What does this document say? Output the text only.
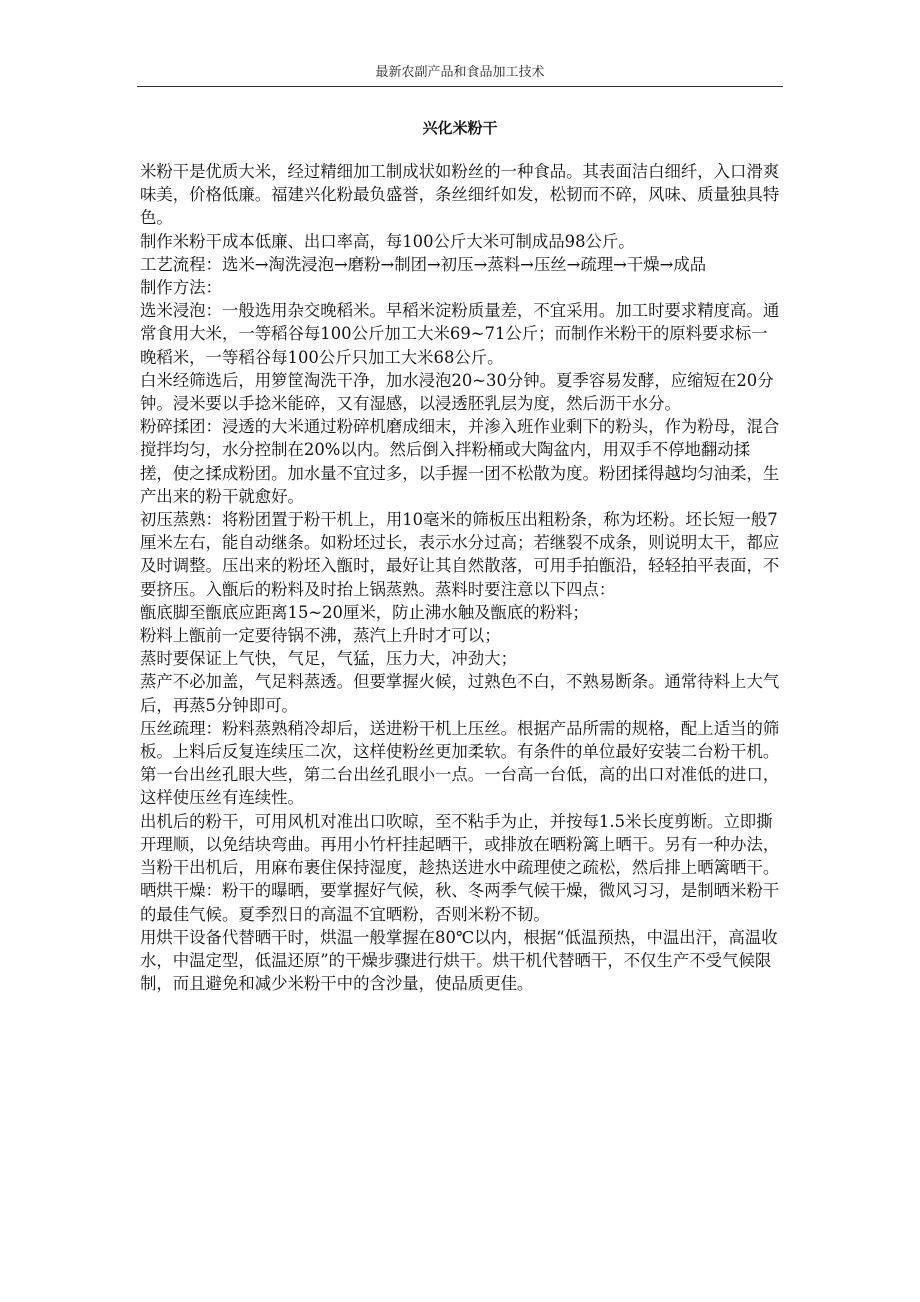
最新农副产品和食品加工技术
兴化米粉干

米粉干是优质大米，经过精细加工制成状如粉丝的一种食品。其表面洁白细纤，入口滑爽味美，价格低廉。福建兴化粉最负盛誉，条丝细纤如发，松韧而不碎，风味、质量独具特色。

制作米粉干成本低廉、出口率高，每100公斤大米可制成品98公斤。

工艺流程：选米→淘洗浸泡→磨粉→制团→初压→蒸料→压丝→疏理→干燥→成品

制作方法：

选米浸泡：一般选用杂交晚稻米。早稻米淀粉质量差，不宜采用。加工时要求精度高。通常食用大米，一等稻谷每100公斤加工大米69~71公斤；而制作米粉干的原料要求标一晚稻米，一等稻谷每100公斤只加工大米68公斤。

白米经筛选后，用箩筐淘洗干净，加水浸泡20~30分钟。夏季容易发酵，应缩短在20分钟。浸米要以手捻米能碎，又有湿感，以浸透胚乳层为度，然后沥干水分。

粉碎揉团：浸透的大米通过粉碎机磨成细末，并渗入班作业剩下的粉头，作为粉母，混合搅拌均匀，水分控制在20%以内。然后倒入拌粉桶或大陶盆内，用双手不停地翻动揉搓，使之揉成粉团。加水量不宜过多，以手握一团不松散为度。粉团揉得越均匀油柔，生产出来的粉干就愈好。

初压蒸熟：将粉团置于粉干机上，用10毫米的筛板压出粗粉条，称为坯粉。坯长短一般7厘米左右，能自动继条。如粉坯过长，表示水分过高；若继裂不成条，则说明太干，都应及时调整。压出来的粉坯入甑时，最好让其自然散落，可用手拍甑沿，轻轻拍平表面，不要挤压。入甑后的粉料及时抬上锅蒸熟。蒸料时要注意以下四点：

甑底脚至甑底应距离15~20厘米，防止沸水触及甑底的粉料；

粉料上甑前一定要待锅不沸，蒸汽上升时才可以；

蒸时要保证上气快，气足，气猛，压力大，冲劲大；

蒸产不必加盖，气足料蒸透。但要掌握火候，过熟色不白，不熟易断条。通常待料上大气后，再蒸5分钟即可。

压丝疏理：粉料蒸熟稍冷却后，送进粉干机上压丝。根据产品所需的规格，配上适当的筛板。上料后反复连续压二次，这样使粉丝更加柔软。有条件的单位最好安装二台粉干机。第一台出丝孔眼大些，第二台出丝孔眼小一点。一台高一台低，高的出口对准低的进口，这样使压丝有连续性。

出机后的粉干，可用风机对准出口吹晾，至不粘手为止，并按每1.5米长度剪断。立即撕开理顺，以免结块弯曲。再用小竹杆挂起晒干，或排放在晒粉篱上晒干。另有一种办法，当粉干出机后，用麻布裹住保持湿度，趁热送进水中疏理使之疏松，然后排上晒篱晒干。

晒烘干燥：粉干的曝晒，要掌握好气候，秋、冬两季气候干燥，微风习习，是制晒米粉干的最佳气候。夏季烈日的高温不宜晒粉，否则米粉不韧。

用烘干设备代替晒干时，烘温一般掌握在80℃以内，根据“低温预热，中温出汗，高温收水，中温定型，低温还原”的干燥步骤进行烘干。烘干机代替晒干，不仅生产不受气候限制，而且避免和减少米粉干中的含沙量，使品质更佳。
